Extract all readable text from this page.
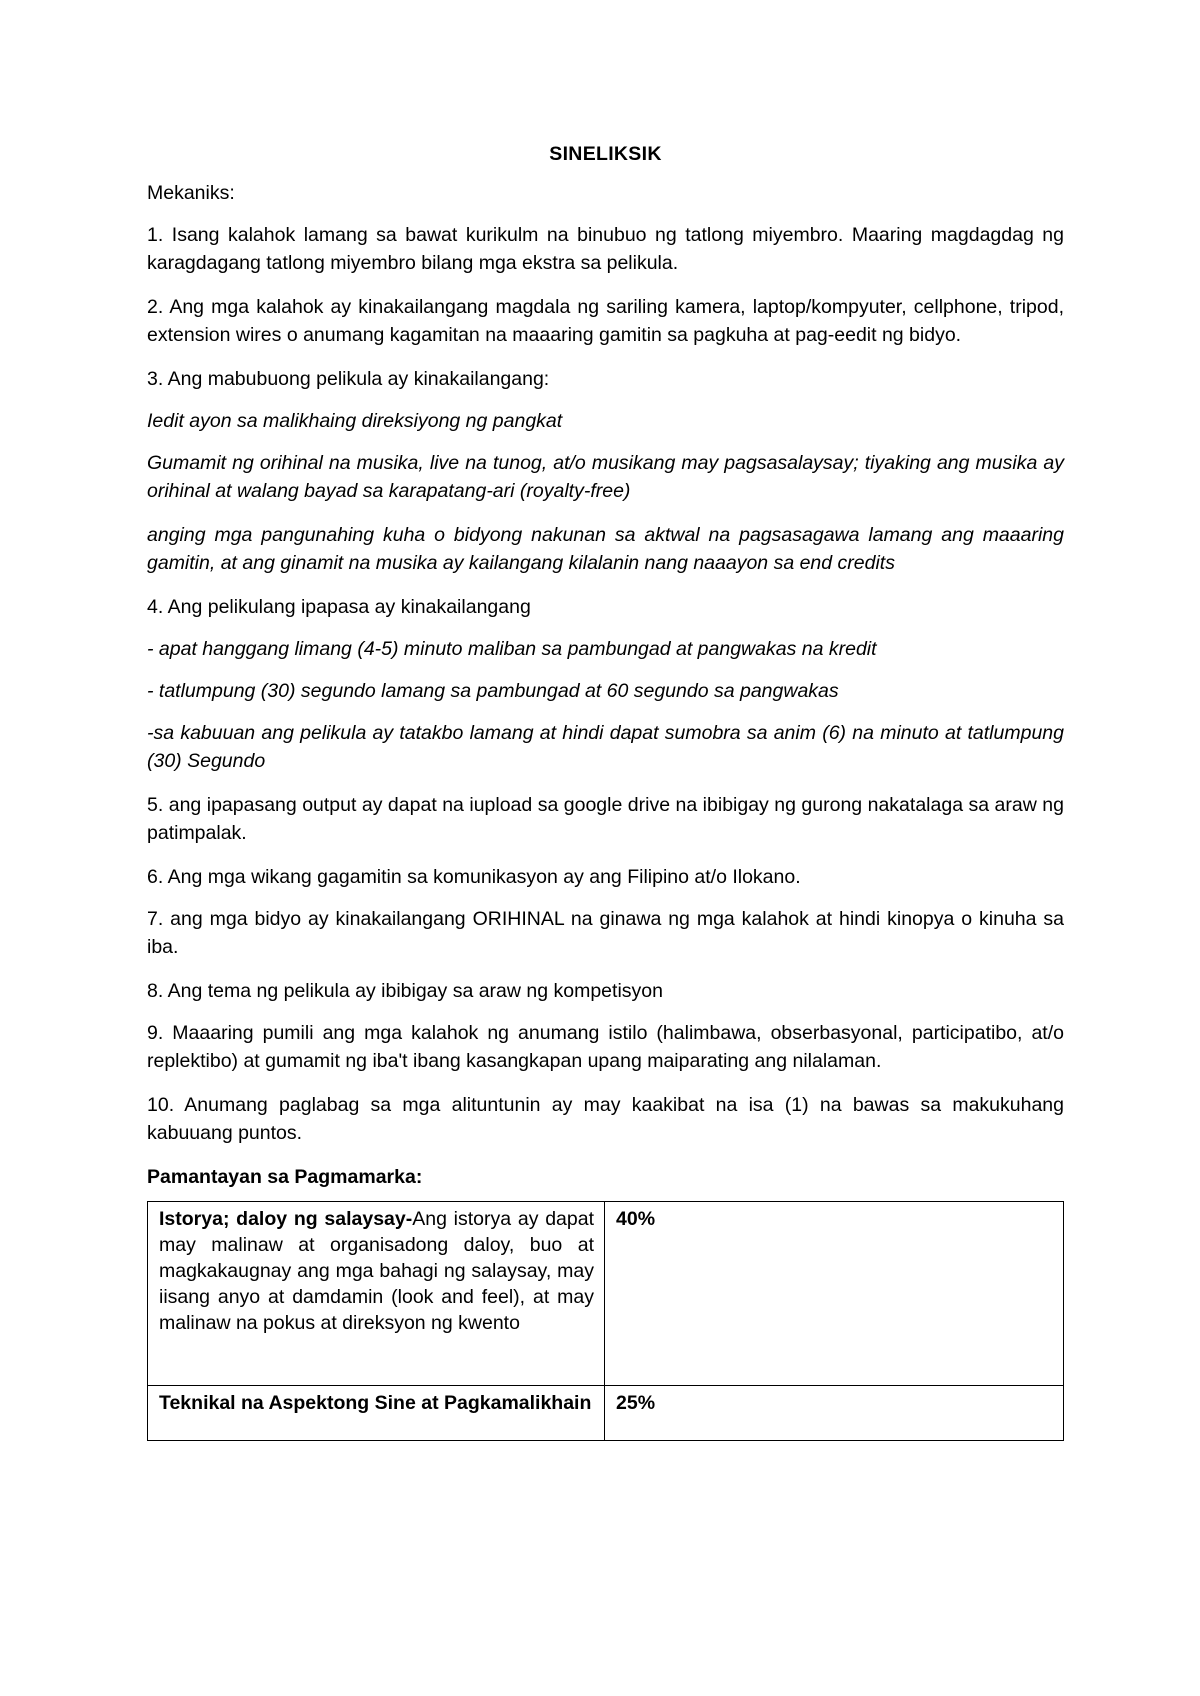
SINELIKSIK

Mekaniks:

1. Isang kalahok lamang sa bawat kurikulm na binubuo ng tatlong miyembro. Maaring magdagdag ng karagdagang tatlong miyembro bilang mga ekstra sa pelikula.

2. Ang mga kalahok ay kinakailangang magdala ng sariling kamera, laptop/kompyuter, cellphone, tripod, extension wires o anumang kagamitan na maaaring gamitin sa pagkuha at pag-eedit ng bidyo.

3. Ang mabubuong pelikula ay kinakailangang:

Iedit ayon sa malikhaing direksiyong ng pangkat

Gumamit ng orihinal na musika, live na tunog, at/o musikang may pagsasalaysay; tiyaking ang musika ay orihinal at walang bayad sa karapatang-ari (royalty-free)

anging mga pangunahing kuha o bidyong nakunan sa aktwal na pagsasagawa lamang ang maaaring gamitin, at ang ginamit na musika ay kailangang kilalanin nang naaayon sa end credits

4. Ang pelikulang ipapasa ay kinakailangang

- apat hanggang limang (4-5) minuto maliban sa pambungad at pangwakas na kredit

- tatlumpung (30) segundo lamang sa pambungad at 60 segundo sa pangwakas

-sa kabuuan ang pelikula ay tatakbo lamang at hindi dapat sumobra sa anim (6) na minuto at tatlumpung (30) Segundo

5. ang ipapasang output ay dapat na iupload sa google drive na ibibigay ng gurong nakatalaga sa araw ng patimpalak.

6. Ang mga wikang gagamitin sa komunikasyon ay ang Filipino at/o Ilokano.

7. ang mga bidyo ay kinakailangang ORIHINAL na ginawa ng mga kalahok at hindi kinopya o kinuha sa iba.

8. Ang tema ng pelikula ay ibibigay sa araw ng kompetisyon

9. Maaaring pumili ang mga kalahok ng anumang istilo (halimbawa, obserbasyonal, participatibo, at/o replektibo) at gumamit ng iba't ibang kasangkapan upang maiparating ang nilalaman.

10. Anumang paglabag sa mga alituntunin ay may kaakibat na isa (1) na bawas sa makukuhang kabuuang puntos.

Pamantayan sa Pagmamarka:
Istorya; daloy ng salaysay-Ang istorya ay dapat may malinaw at organisadong daloy, buo at magkakaugnay ang mga bahagi ng salaysay, may iisang anyo at damdamin (look and feel), at may malinaw na pokus at direksyon ng kwento	40%
Teknikal na Aspektong Sine at Pagkamalikhain	25%
